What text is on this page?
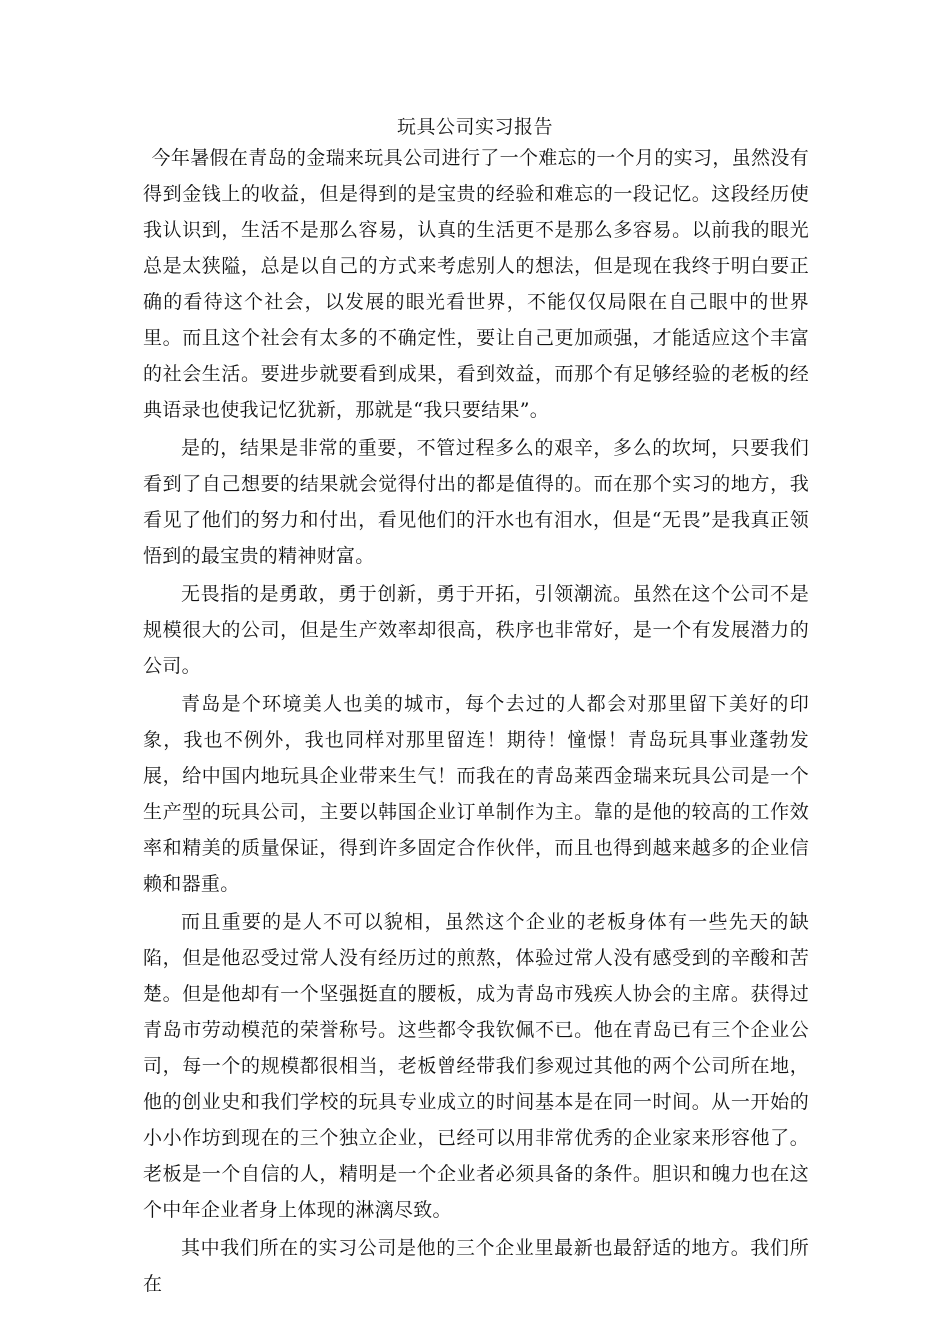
玩具公司实习报告

今年暑假在青岛的金瑞来玩具公司进行了一个难忘的一个月的实习，虽然没有得到金钱上的收益，但是得到的是宝贵的经验和难忘的一段记忆。这段经历使我认识到，生活不是那么容易，认真的生活更不是那么多容易。以前我的眼光总是太狭隘，总是以自己的方式来考虑别人的想法，但是现在我终于明白要正确的看待这个社会，以发展的眼光看世界，不能仅仅局限在自己眼中的世界里。而且这个社会有太多的不确定性，要让自己更加顽强，才能适应这个丰富的社会生活。要进步就要看到成果，看到效益，而那个有足够经验的老板的经典语录也使我记忆犹新，那就是“我只要结果”。

是的，结果是非常的重要，不管过程多么的艰辛，多么的坎坷，只要我们看到了自己想要的结果就会觉得付出的都是值得的。而在那个实习的地方，我看见了他们的努力和付出，看见他们的汗水也有泪水，但是“无畏”是我真正领悟到的最宝贵的精神财富。

无畏指的是勇敢，勇于创新，勇于开拓，引领潮流。虽然在这个公司不是规模很大的公司，但是生产效率却很高，秩序也非常好，是一个有发展潜力的公司。

青岛是个环境美人也美的城市，每个去过的人都会对那里留下美好的印象，我也不例外，我也同样对那里留连！期待！憧憬！青岛玩具事业蓬勃发展，给中国内地玩具企业带来生气！而我在的青岛莱西金瑞来玩具公司是一个生产型的玩具公司，主要以韩国企业订单制作为主。靠的是他的较高的工作效率和精美的质量保证，得到许多固定合作伙伴，而且也得到越来越多的企业信赖和器重。

而且重要的是人不可以貌相，虽然这个企业的老板身体有一些先天的缺陷，但是他忍受过常人没有经历过的煎熬，体验过常人没有感受到的辛酸和苦楚。但是他却有一个坚强挺直的腰板，成为青岛市残疾人协会的主席。获得过青岛市劳动模范的荣誉称号。这些都令我钦佩不已。他在青岛已有三个企业公司，每一个的规模都很相当，老板曾经带我们参观过其他的两个公司所在地，他的创业史和我们学校的玩具专业成立的时间基本是在同一时间。从一开始的小小作坊到现在的三个独立企业，已经可以用非常优秀的企业家来形容他了。老板是一个自信的人，精明是一个企业者必须具备的条件。胆识和魄力也在这个中年企业者身上体现的淋漓尽致。

其中我们所在的实习公司是他的三个企业里最新也最舒适的地方。我们所在
